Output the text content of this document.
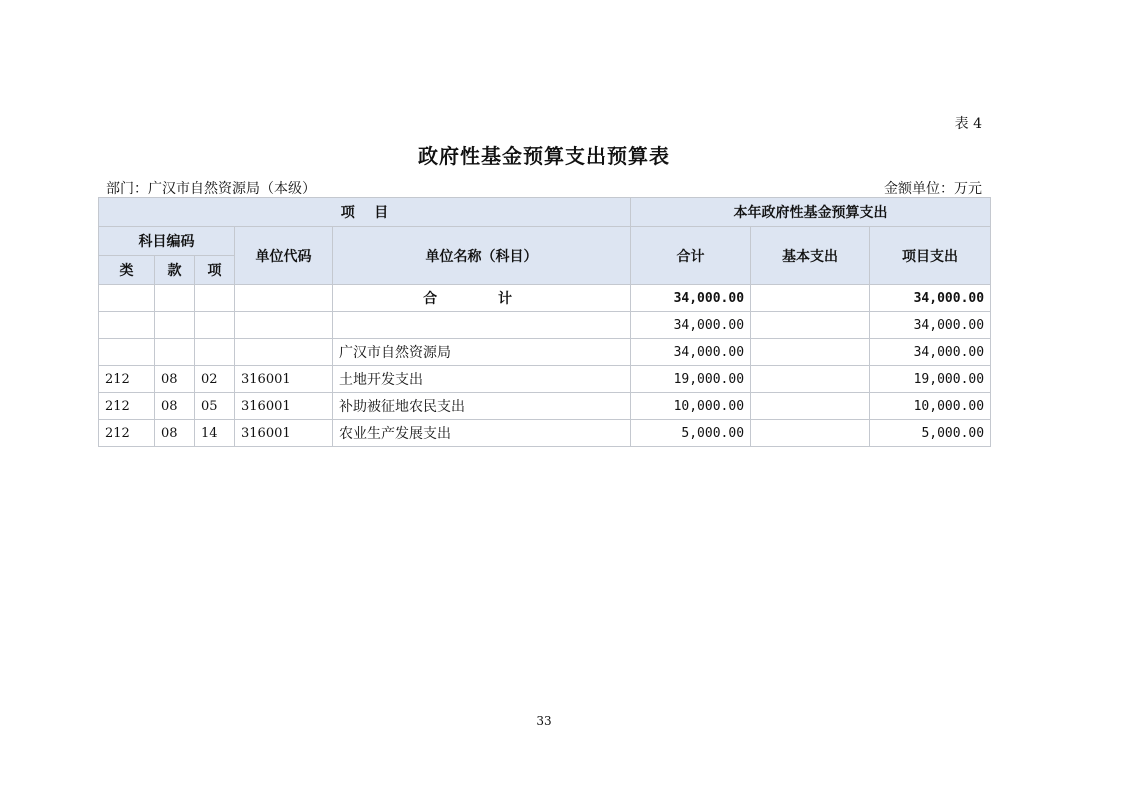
表 4
政府性基金预算支出预算表
部门：广汉市自然资源局（本级）	金额单位：万元
项    目					本年政府性基金预算支出		
科目编码			单位代码	单位名称（科目）	合计	基本支出	项目支出
类	款	项					
				合 计	34,000.00		34,000.00
					34,000.00		34,000.00
				广汉市自然资源局	34,000.00		34,000.00
212	08	02	316001	土地开发支出	19,000.00		19,000.00
212	08	05	316001	补助被征地农民支出	10,000.00		10,000.00
212	08	14	316001	农业生产发展支出	5,000.00		5,000.00
33
